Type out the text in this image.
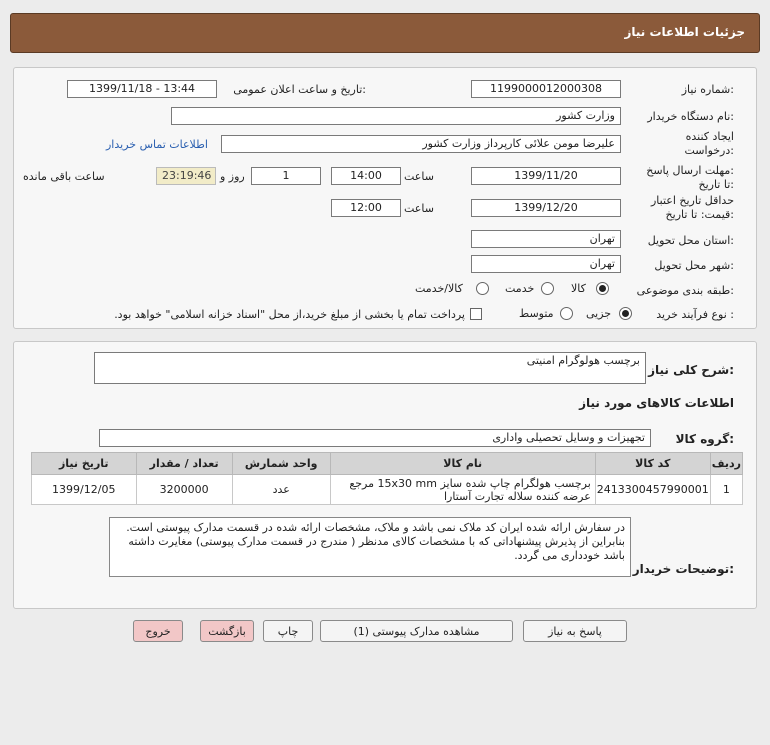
جزئیات اطلاعات نیاز
شماره نیاز:
1199000012000308
تاریخ و ساعت اعلان عمومی:
1399/11/18 - 13:44
نام دستگاه خریدار:
وزارت کشور
ایجاد کننده
درخواست:
علیرضا مومن علائی کارپرداز وزارت کشور
اطلاعات تماس خریدار
مهلت ارسال پاسخ:
تا تاریخ:
1399/11/20
ساعت
14:00
1
روز و
23:19:46
ساعت باقی مانده
حداقل تاریخ اعتبار
قیمت: تا تاریخ:
1399/12/20
ساعت
12:00
استان محل تحویل:
تهران
شهر محل تحویل:
تهران
طبقه بندی موضوعی:
کالا
خدمت
کالا/خدمت
نوع فرآیند خرید :
جزیی
متوسط
پرداخت تمام یا بخشی از مبلغ خرید،از محل "اسناد خزانه اسلامی" خواهد بود.
شرح کلی نیاز:
برچسب هولوگرام امنیتی
اطلاعات کالاهای مورد نیاز
گروه کالا:
تجهیزات و وسایل تحصیلی واداری
ردیف	کد کالا	نام کالا	واحد شمارش	تعداد / مقدار	تاریخ نیاز
1	2413300457990001	برچسب هولگرام چاپ شده سایز 15x30 mm مرجع عرضه کننده سلاله تجارت آستارا	عدد	3200000	1399/12/05
توضیحات خریدار:
در سفارش ارائه شده ایران کد ملاک نمی باشد و ملاک، مشخصات ارائه شده در قسمت مدارک پیوستی است. بنابراین از پذیرش پیشنهاداتی که با مشخصات کالای مدنظر ( مندرج در قسمت مدارک پیوستی) مغایرت داشته باشد خودداری می گردد.
پاسخ به نیاز
مشاهده مدارک پیوستی (1)
چاپ
بازگشت
خروج
